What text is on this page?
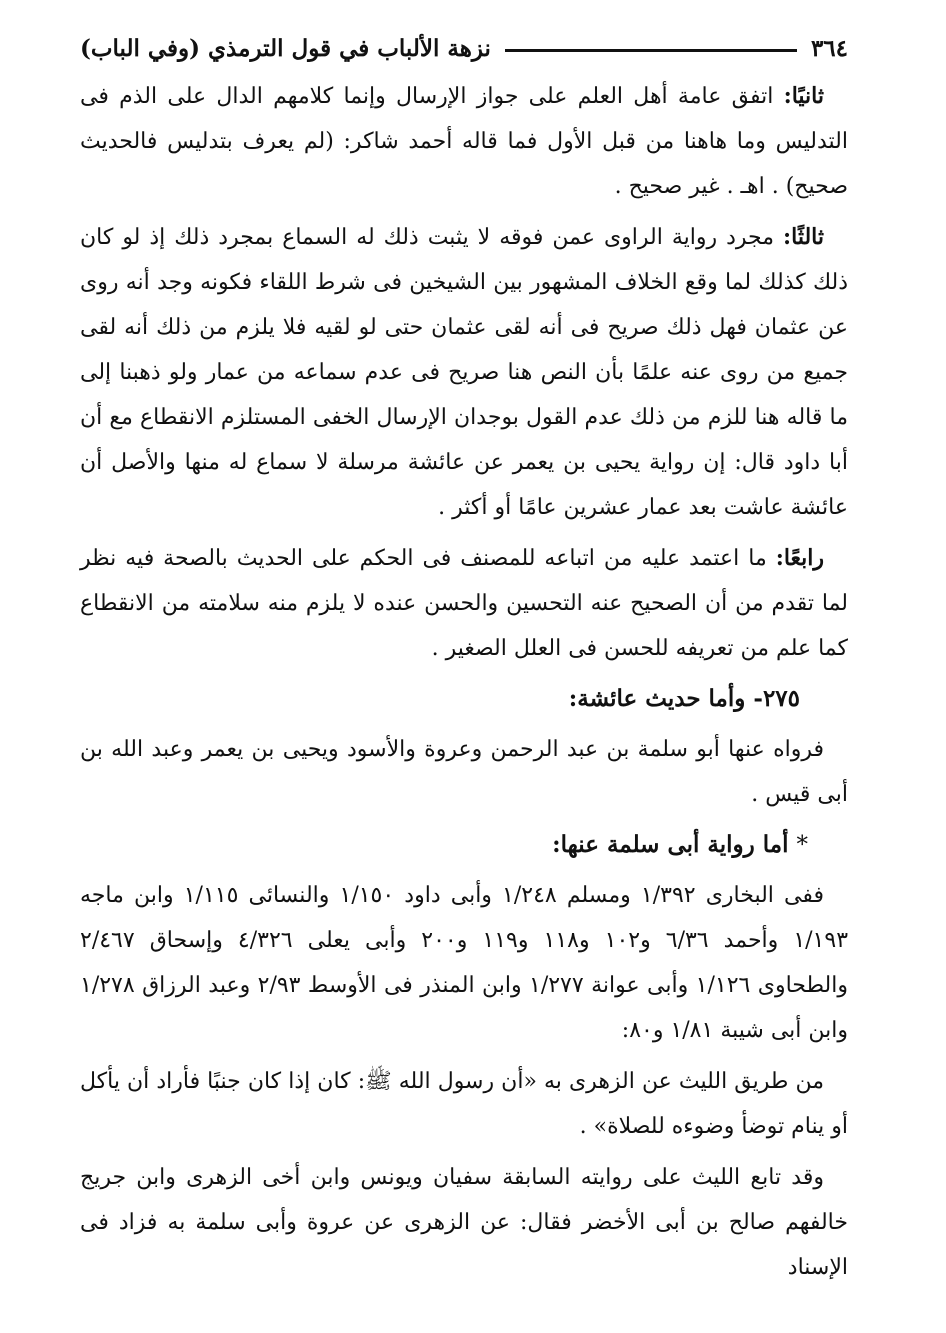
٣٦٤
نزهة الألباب في قول الترمذي (وفي الباب)

ثانيًا: اتفق عامة أهل العلم على جواز الإرسال وإنما كلامهم الدال على الذم فى التدليس وما هاهنا من قبل الأول فما قاله أحمد شاكر: (لم يعرف بتدليس فالحديث صحيح) . اهـ . غير صحيح .

ثالثًا: مجرد رواية الراوى عمن فوقه لا يثبت ذلك له السماع بمجرد ذلك إذ لو كان ذلك كذلك لما وقع الخلاف المشهور بين الشيخين فى شرط اللقاء فكونه وجد أنه روى عن عثمان فهل ذلك صريح فى أنه لقى عثمان حتى لو لقيه فلا يلزم من ذلك أنه لقى جميع من روى عنه علمًا بأن النص هنا صريح فى عدم سماعه من عمار ولو ذهبنا إلى ما قاله هنا للزم من ذلك عدم القول بوجدان الإرسال الخفى المستلزم الانقطاع مع أن أبا داود قال: إن رواية يحيى بن يعمر عن عائشة مرسلة لا سماع له منها والأصل أن عائشة عاشت بعد عمار عشرين عامًا أو أكثر .

رابعًا: ما اعتمد عليه من اتباعه للمصنف فى الحكم على الحديث بالصحة فيه نظر لما تقدم من أن الصحيح عنه التحسين والحسن عنده لا يلزم منه سلامته من الانقطاع كما علم من تعريفه للحسن فى العلل الصغير .

٢٧٥- وأما حديث عائشة:

فرواه عنها أبو سلمة بن عبد الرحمن وعروة والأسود ويحيى بن يعمر وعبد الله بن أبى قيس .

*أما رواية أبى سلمة عنها:

ففى البخارى ١/٣٩٢ ومسلم ١/٢٤٨ وأبى داود ١/١٥٠ والنسائى ١/١١٥ وابن ماجه ١/١٩٣ وأحمد ٦/٣٦ و١٠٢ و١١٨ و١١٩ و٢٠٠ وأبى يعلى ٤/٣٢٦ وإسحاق ٢/٤٦٧ والطحاوى ١/١٢٦ وأبى عوانة ١/٢٧٧ وابن المنذر فى الأوسط ٢/٩٣ وعبد الرزاق ١/٢٧٨ وابن أبى شيبة ١/٨١ و٨٠:

من طريق الليث عن الزهرى به «أن رسول الله ﷺ: كان إذا كان جنبًا فأراد أن يأكل أو ينام توضأ وضوءه للصلاة» .

وقد تابع الليث على روايته السابقة سفيان ويونس وابن أخى الزهرى وابن جريج خالفهم صالح بن أبى الأخضر فقال: عن الزهرى عن عروة وأبى سلمة به فزاد فى الإسناد
